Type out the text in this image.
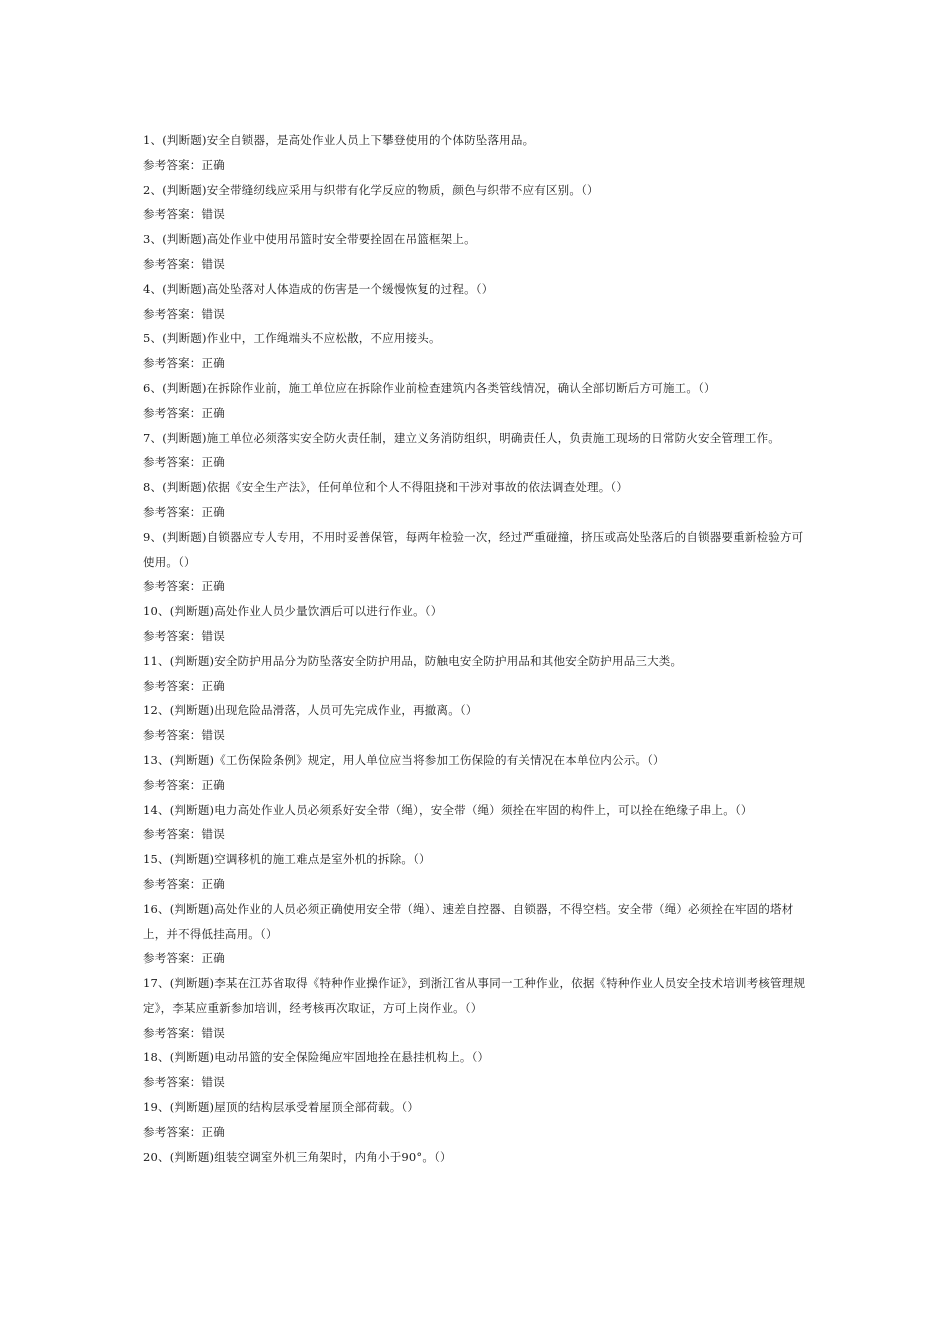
1、(判断题)安全自锁器，是高处作业人员上下攀登使用的个体防坠落用品。

参考答案：正确

2、(判断题)安全带缝纫线应采用与织带有化学反应的物质，颜色与织带不应有区别。（）

参考答案：错误

3、(判断题)高处作业中使用吊篮时安全带要拴固在吊篮框架上。

参考答案：错误

4、(判断题)高处坠落对人体造成的伤害是一个缓慢恢复的过程。（）

参考答案：错误

5、(判断题)作业中，工作绳端头不应松散，不应用接头。

参考答案：正确

6、(判断题)在拆除作业前，施工单位应在拆除作业前检查建筑内各类管线情况，确认全部切断后方可施工。（）

参考答案：正确

7、(判断题)施工单位必须落实安全防火责任制，建立义务消防组织，明确责任人，负责施工现场的日常防火安全管理工作。

参考答案：正确

8、(判断题)依据《安全生产法》，任何单位和个人不得阻挠和干涉对事故的依法调查处理。（）

参考答案：正确

9、(判断题)自锁器应专人专用，不用时妥善保管，每两年检验一次，经过严重碰撞，挤压或高处坠落后的自锁器要重新检验方可使用。（）

参考答案：正确

10、(判断题)高处作业人员少量饮酒后可以进行作业。（）

参考答案：错误

11、(判断题)安全防护用品分为防坠落安全防护用品，防触电安全防护用品和其他安全防护用品三大类。

参考答案：正确

12、(判断题)出现危险品滑落，人员可先完成作业，再撤离。（）

参考答案：错误

13、(判断题)《工伤保险条例》规定，用人单位应当将参加工伤保险的有关情况在本单位内公示。（）

参考答案：正确

14、(判断题)电力高处作业人员必须系好安全带（绳），安全带（绳）须拴在牢固的构件上，可以拴在绝缘子串上。（）

参考答案：错误

15、(判断题)空调移机的施工难点是室外机的拆除。（）

参考答案：正确

16、(判断题)高处作业的人员必须正确使用安全带（绳）、速差自控器、自锁器，不得空档。安全带（绳）必须拴在牢固的塔材上，并不得低挂高用。（）

参考答案：正确

17、(判断题)李某在江苏省取得《特种作业操作证》，到浙江省从事同一工种作业，依据《特种作业人员安全技术培训考核管理规定》，李某应重新参加培训，经考核再次取证，方可上岗作业。（）

参考答案：错误

18、(判断题)电动吊篮的安全保险绳应牢固地拴在悬挂机构上。（）

参考答案：错误

19、(判断题)屋顶的结构层承受着屋顶全部荷载。（）

参考答案：正确

20、(判断题)组装空调室外机三角架时，内角小于90°。（）
